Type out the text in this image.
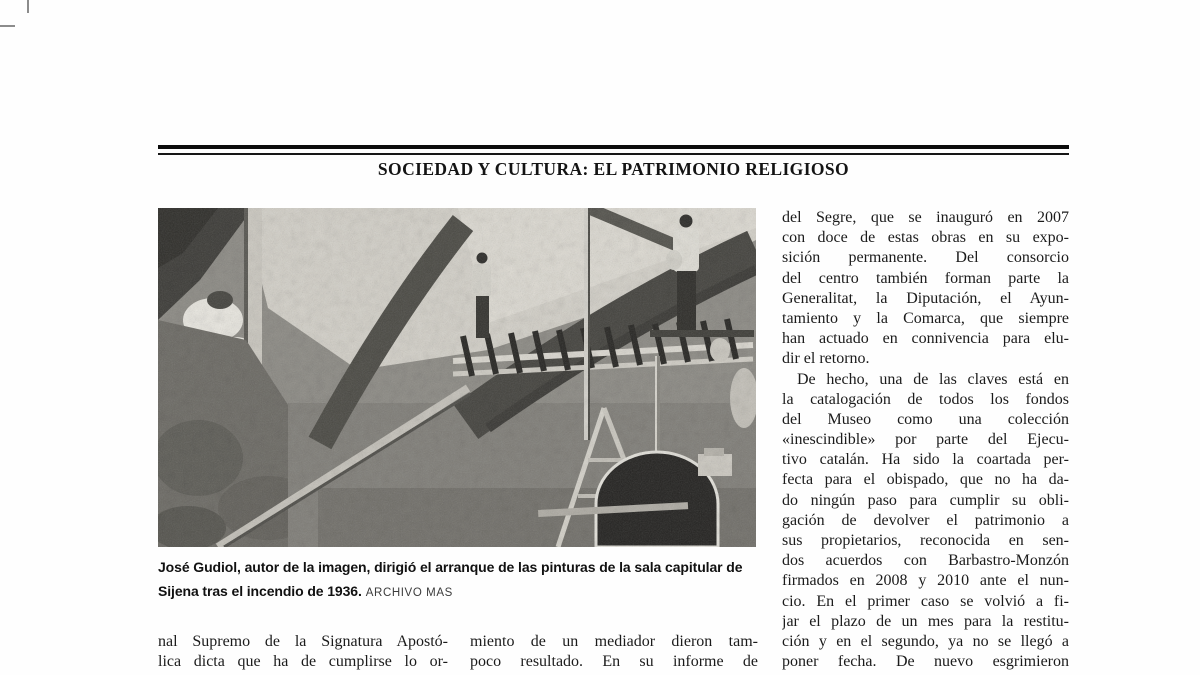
SOCIEDAD Y CULTURA: EL PATRIMONIO RELIGIOSO
José Gudiol, autor de la imagen, dirigió el arranque de las pinturas de la sala capitular de Sijena tras el incendio de 1936. ARCHIVO MAS
nal Supremo de la Signatura Apostó-
lica dicta que ha de cumplirse lo or-
miento de un mediador dieron tam-
poco resultado. En su informe de
del Segre, que se inauguró en 2007
con doce de estas obras en su expo-
sición permanente. Del consorcio
del centro también forman parte la
Generalitat, la Diputación, el Ayun-
tamiento y la Comarca, que siempre
han actuado en connivencia para elu-
dir el retorno.
De hecho, una de las claves está en
la catalogación de todos los fondos
del Museo como una colección
«inescindible» por parte del Ejecu-
tivo catalán. Ha sido la coartada per-
fecta para el obispado, que no ha da-
do ningún paso para cumplir su obli-
gación de devolver el patrimonio a
sus propietarios, reconocida en sen-
dos acuerdos con Barbastro-Monzón
firmados en 2008 y 2010 ante el nun-
cio. En el primer caso se volvió a fi-
jar el plazo de un mes para la restitu-
ción y en el segundo, ya no se llegó a
poner fecha. De nuevo esgrimieron
